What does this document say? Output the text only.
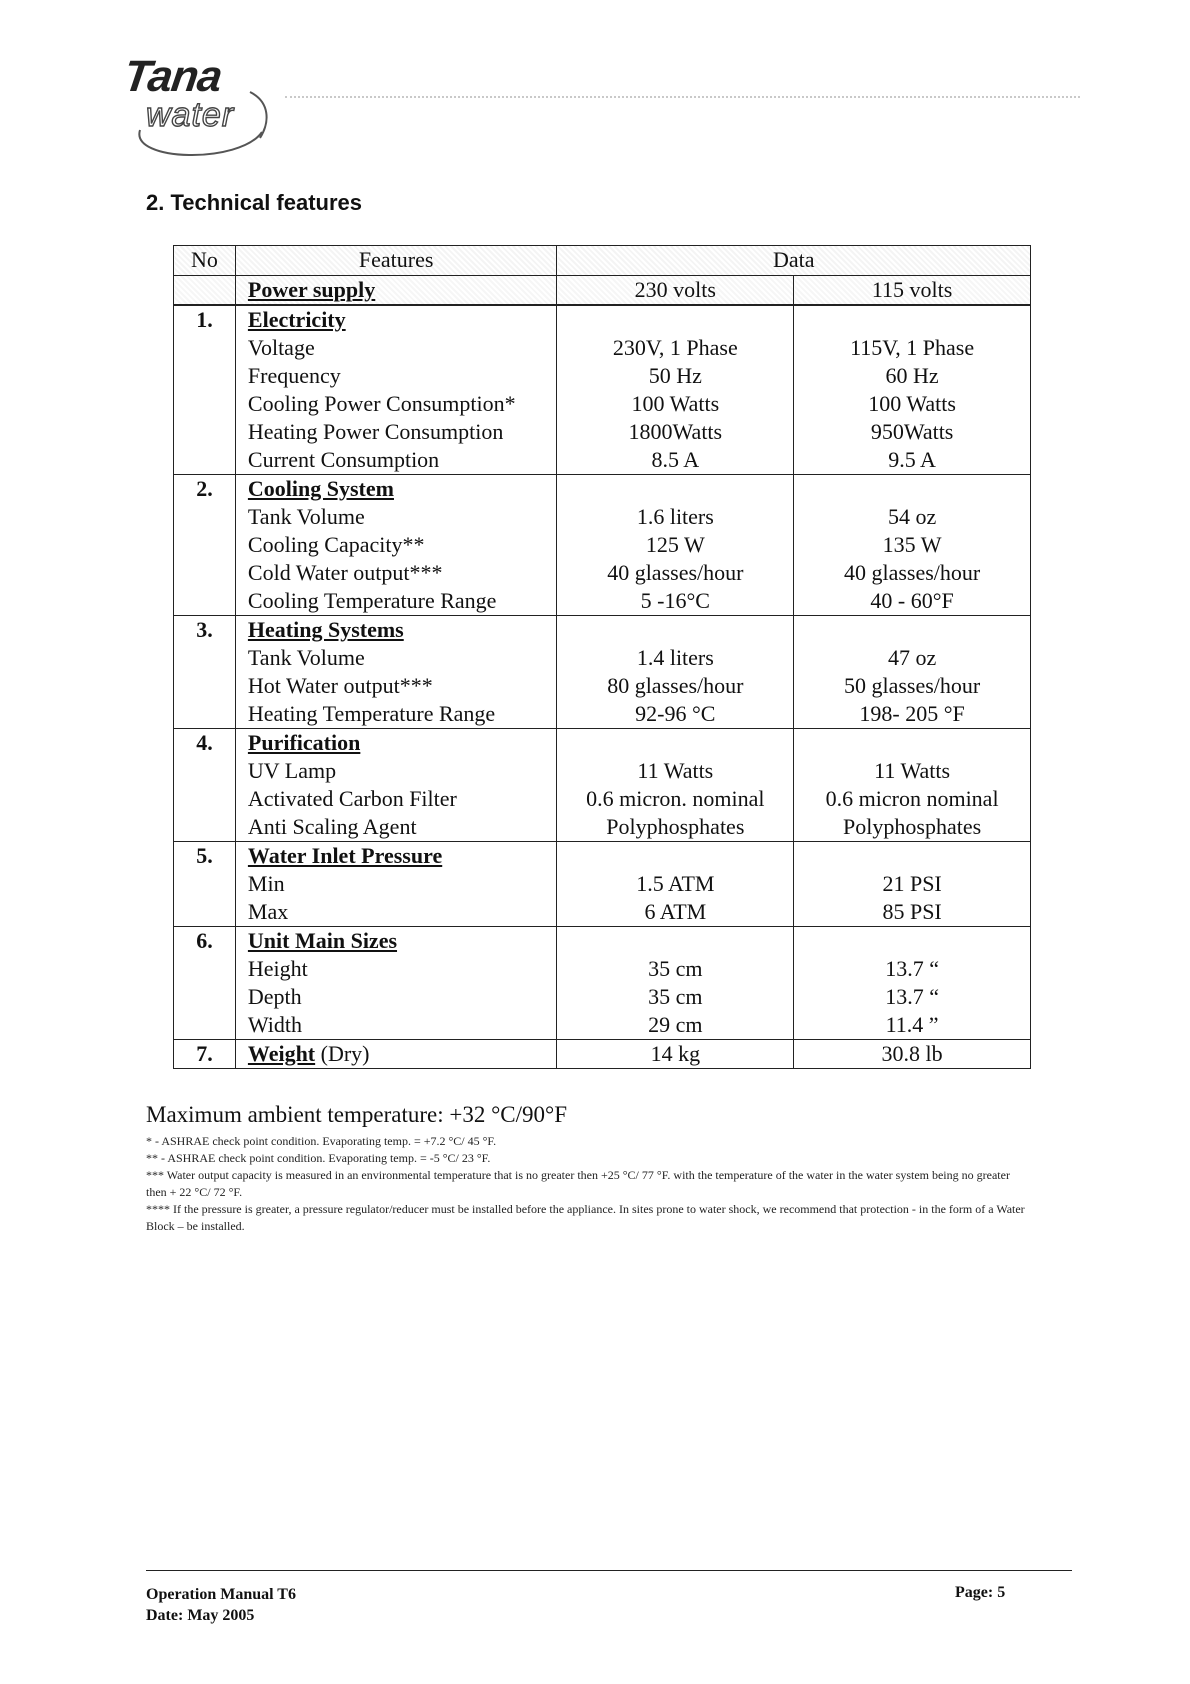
Tana
water
2. Technical features
No	Features	Data	
	Power supply	230 volts	115 volts
1.	Electricity		
	Voltage	230V, 1 Phase	115V, 1 Phase
	Frequency	50 Hz	60 Hz
	Cooling Power Consumption*	100 Watts	100 Watts
	Heating Power Consumption	1800Watts	950Watts
	Current Consumption	8.5 A	9.5 A
2.	Cooling System		
	Tank Volume	1.6 liters	54 oz
	Cooling Capacity**	125 W	135 W
	Cold Water output***	40 glasses/hour	40 glasses/hour
	Cooling Temperature Range	5 -16°C	40 - 60°F
3.	Heating Systems		
	Tank Volume	1.4 liters	47 oz
	Hot Water output***	80 glasses/hour	50 glasses/hour
	Heating Temperature Range	92-96 °C	198- 205 °F
4.	Purification		
	UV Lamp	11 Watts	11 Watts
	Activated Carbon Filter	0.6 micron. nominal	0.6 micron nominal
	Anti Scaling Agent	Polyphosphates	Polyphosphates
5.	Water Inlet Pressure		
	Min	1.5 ATM	21 PSI
	Max	6 ATM	85 PSI
6.	Unit Main Sizes		
	Height	35 cm	13.7 “
	Depth	35 cm	13.7 “
	Width	29 cm	11.4 ”
7.	Weight (Dry)	14 kg	30.8 lb

Maximum ambient temperature: +32 °C/90°F

* - ASHRAE check point condition. Evaporating temp. = +7.2 °C/ 45 °F.

** - ASHRAE check point condition. Evaporating temp. = -5 °C/ 23 °F.

*** Water output capacity is measured in an environmental temperature that is no greater then +25 °C/ 77 °F. with the temperature of the water in the water system being no greater then + 22 °C/ 72 °F.

**** If the pressure is greater, a pressure regulator/reducer must be installed before the appliance. In sites prone to water shock, we recommend that protection - in the form of a Water Block – be installed.

Operation Manual T6
Date: May 2005
Page: 5
